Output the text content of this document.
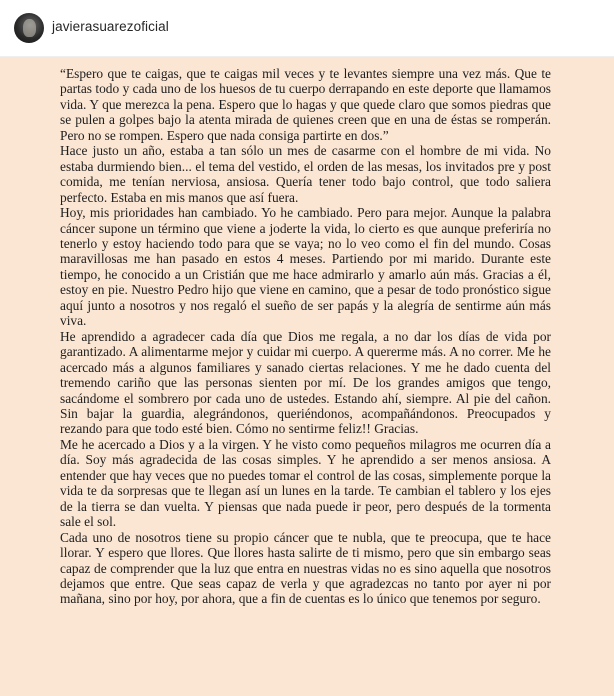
javierasuarezoficial

“Espero que te caigas, que te caigas mil veces y te levantes siempre una vez más. Que te partas todo y cada uno de los huesos de tu cuerpo derrapando en este deporte que llamamos vida. Y que merezca la pena. Espero que lo hagas y que quede claro que somos piedras que se pulen a golpes bajo la atenta mirada de quienes creen que en una de éstas se romperán. Pero no se rompen. Espero que nada consiga partirte en dos.”

Hace justo un año, estaba a tan sólo un mes de casarme con el hombre de mi vida. No estaba durmiendo bien... el tema del vestido, el orden de las mesas, los invitados pre y post comida, me tenían nerviosa, ansiosa. Quería tener todo bajo control, que todo saliera perfecto. Estaba en mis manos que así fuera.

Hoy, mis prioridades han cambiado. Yo he cambiado. Pero para mejor. Aunque la palabra cáncer supone un término que viene a joderte la vida, lo cierto es que aunque preferiría no tenerlo y estoy haciendo todo para que se vaya; no lo veo como el fin del mundo. Cosas maravillosas me han pasado en estos 4 meses. Partiendo por mi marido. Durante este tiempo, he conocido a un Cristián que me hace admirarlo y amarlo aún más. Gracias a él, estoy en pie. Nuestro Pedro hijo que viene en camino, que a pesar de todo pronóstico sigue aquí junto a nosotros y nos regaló el sueño de ser papás y la alegría de sentirme aún más viva.

He aprendido a agradecer cada día que Dios me regala, a no dar los días de vida por garantizado. A alimentarme mejor y cuidar mi cuerpo. A quererme más. A no correr. Me he acercado más a algunos familiares y sanado ciertas relaciones. Y me he dado cuenta del tremendo cariño que las personas sienten por mí. De los grandes amigos que tengo, sacándome el sombrero por cada uno de ustedes. Estando ahí, siempre. Al pie del cañon. Sin bajar la guardia, alegrándonos, queriéndonos, acompañándonos. Preocupados y rezando para que todo esté bien. Cómo no sentirme feliz!! Gracias.

Me he acercado a Dios y a la virgen. Y he visto como pequeños milagros me ocurren día a día. Soy más agradecida de las cosas simples. Y he aprendido a ser menos ansiosa. A entender que hay veces que no puedes tomar el control de las cosas, simplemente porque la vida te da sorpresas que te llegan así un lunes en la tarde. Te cambian el tablero y los ejes de la tierra se dan vuelta. Y piensas que nada puede ir peor, pero después de la tormenta sale el sol.

Cada uno de nosotros tiene su propio cáncer que te nubla, que te preocupa, que te hace llorar. Y espero que llores. Que llores hasta salirte de ti mismo, pero que sin embargo seas capaz de comprender que la luz que entra en nuestras vidas no es sino aquella que nosotros dejamos que entre. Que seas capaz de verla y que agradezcas no tanto por ayer ni por mañana, sino por hoy, por ahora, que a fin de cuentas es lo único que tenemos por seguro.
